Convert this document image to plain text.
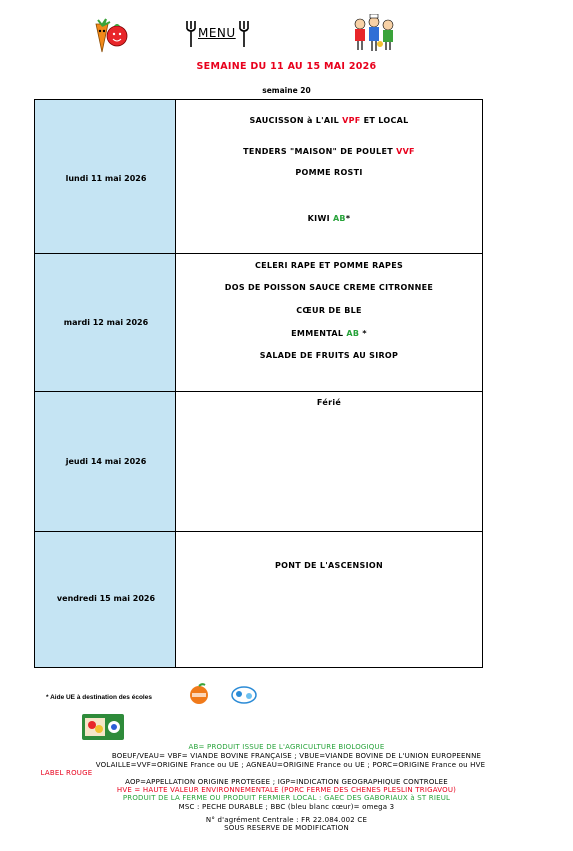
MENU
SEMAINE DU 11 AU 15 MAI 2026
semaine 20
lundi 11 mai 2026
SAUCISSON à L'AIL VPF ET LOCAL
TENDERS "MAISON" DE POULET VVF
POMME ROSTI
KIWI AB*
mardi 12 mai 2026
CELERI RAPE ET POMME RAPES
DOS DE POISSON SAUCE CREME CITRONNEE
CŒUR DE BLE
EMMENTAL AB *
SALADE DE FRUITS AU SIROP
jeudi 14 mai 2026
Férié
vendredi 15 mai 2026
PONT DE L'ASCENSION
* Aide UE à destination des écoles
AB= PRODUIT ISSUE DE L'AGRICULTURE BIOLOGIQUE
BOEUF/VEAU= VBF= VIANDE BOVINE FRANÇAISE ; VBUE=VIANDE BOVINE DE L'UNION EUROPEENNE
VOLAILLE=VVF=ORIGINE France ou UE ; AGNEAU=ORIGINE France ou UE ; PORC=ORIGINE France ou HVE
LABEL ROUGE
AOP=APPELLATION ORIGINE PROTEGEE ; IGP=INDICATION GEOGRAPHIQUE CONTROLEE
HVE = HAUTE VALEUR ENVIRONNEMENTALE (PORC FERME DES CHENES PLESLIN TRIGAVOU)
PRODUIT DE LA FERME OU PRODUIT FERMIER LOCAL : GAEC DES GABORIAUX à ST RIEUL
MSC : PECHE DURABLE ; BBC (bleu blanc cœur)= omega 3
N° d'agrément Centrale : FR 22.084.002 CE
SOUS RESERVE DE MODIFICATION
